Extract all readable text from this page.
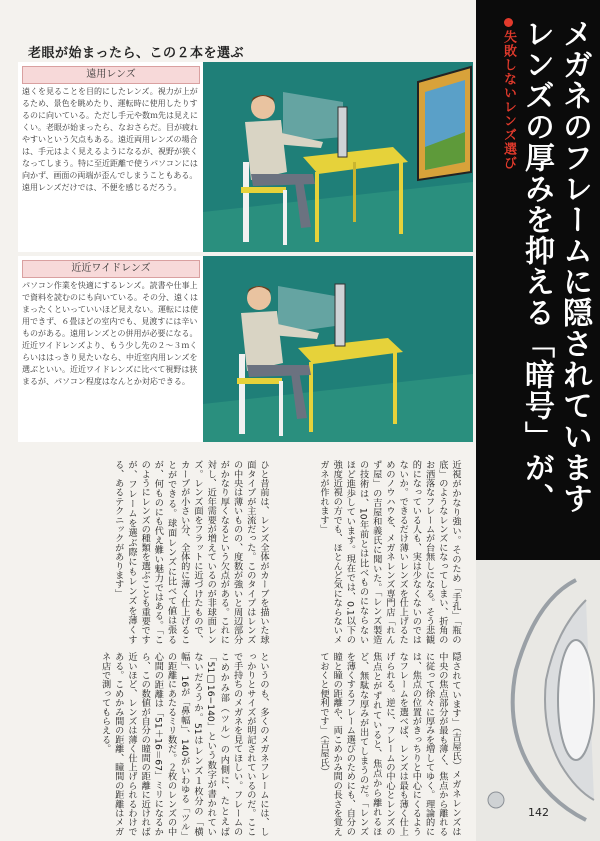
老眼が始まったら、この２本を選ぶ
遠用レンズ
遠くを見ることを目的にしたレンズ。視力が上がるため、景色を眺めたり、運転時に使用したりするのに向いている。ただし手元や数ｍ先は見えにくい。老眼が始まったら、なおさらだ。目が疲れやすいという欠点もある。遠近両用レンズの場合は、手元はよく見えるようになるが、視野が狭くなってしまう。特に至近距離で使うパソコンには向かず、画面の両端が歪んでしまうこともある。遠用レンズだけでは、不便を感じるだろう。
近近ワイドレンズ
パソコン作業を快適にするレンズ。読書や仕事上で資料を読むのにも向いている。その分、遠くはまったくといっていいほど見えない。運転には使用できず、６畳ほどの室内でも、見渡すには辛いものがある。遠用レンズとの併用が必要になる。近近ワイドレンズより、もう少し先の２〜３ｍくらいははっきり見たいなら、中近室内用レンズを選ぶといい。近近ワイドレンズに比べて視野は狭まるが、パソコン程度はなんとか対応できる。

失敗しないレンズ選び レンズの厚みを抑える「暗号」が、 メガネのフレームに隠されています

近視がかなり強い。そのため「手孔」「瓶の底」のようなレンズになってしまい、折角のお洒落なフレームが台無しになる。そう悲観的になっている人も、実は少なくないのではないか。できるだけ薄いレンズを仕上げるためのノウハウを、メガネレンズ専門店「れんず屋」の吉屋和義氏に聞いた。「レンズ製造の技術は、10年前とは比べものにならないほど進歩しています。現在では、0.1以下の強度近視の方でも、ほとんど気にならないメガネが作れます」

ひと昔前は、レンズ全体がカーブを描いた球面タイプが主流だった。このタイプはレンズの中央は薄いものの、度数が強いと周辺部分がかなり厚くなるという欠点がある。これに対し、近年需要が増えているのが非球面レンズ。レンズ面をフラットに近づけたもので、カーブが小さい分、全体的に薄く仕上げることができる。球面レンズに比べて値は張るが、何ものにも代え難い魅力ではある。「このようにレンズの種類を選ぶことも重要ですが、フレームを選ぶ際にもレンズを薄くする、あるテクニックがあります」

隠されています」（吉屋氏）メガネレンズは中央の焦点部分が最も薄く、焦点から離れるに従って徐々に厚みを増してゆく。理論的には、焦点の位置がきっちりと中心にくるようなフレームを選べば、レンズは最も薄く仕上げられる。逆に、フレームの中心とレンズの焦点とがずれていると、焦点から離れるほど、無駄な厚みが出てしまうのだ。「レンズを薄くするフレーム選びのためにも、自分の瞳と瞳の距離や、両こめかみ間の長さを覚えておくと便利です」（吉屋氏）

というのも、多くのメガネフレームには、しっかりとサイズが明記されているのだ。ここで手持ちのメガネを見てほしい。フレームのこめかみ部（ツル）の内側に、たとえば「51□16−140」という数字が書かれていないだろうか。51はレンズ１枚分の「横幅」、16が「鼻幅」、140がいわゆる「ツル」の距離にあたるミリ数だ。２枚のレンズの中心間の距離は「51＋16＝67」ミリになるから、この数値が自分の瞳間の距離に近ければ近いほど、レンズは薄く仕上げられるわけである。こめかみ間の距離、瞳間の距離はメガネ店で測ってもらえる。

142
